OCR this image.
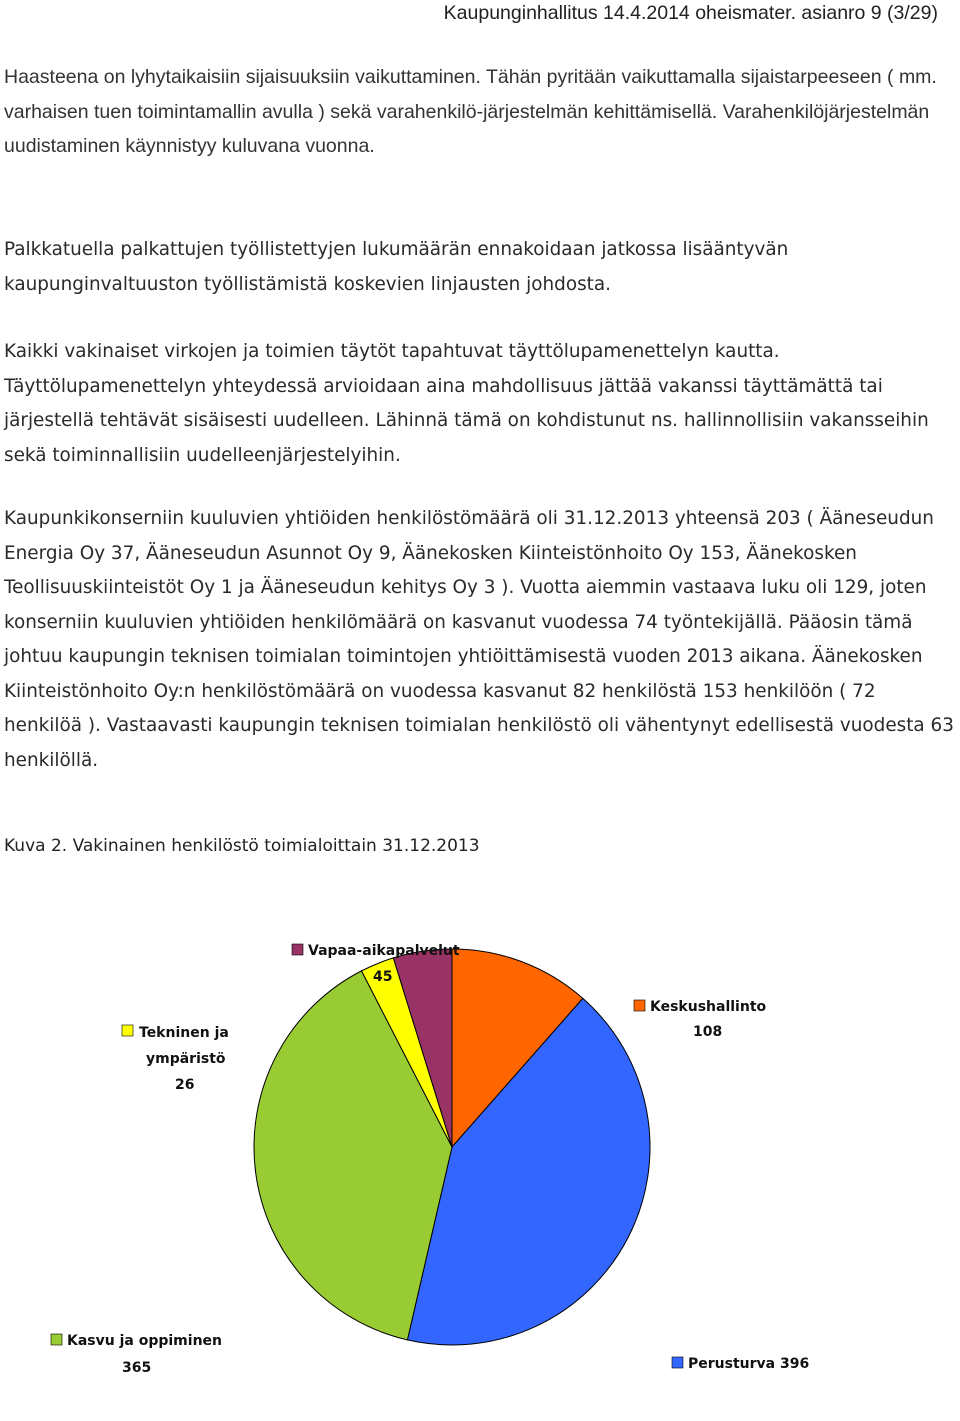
Kaupunginhallitus 14.4.2014 oheismater. asianro 9 (3/29)

Haasteena on lyhytaikaisiin sijaisuuksiin vaikuttaminen. Tähän pyritään vaikuttamalla sijaistarpeeseen ( mm. varhaisen tuen toimintamallin avulla ) sekä varahenkilö-järjestelmän kehittämisellä. Varahenkilöjärjestelmän uudistaminen käynnistyy kuluvana vuonna.

Palkkatuella palkattujen työllistettyjen lukumäärän ennakoidaan jatkossa lisääntyvän kaupunginvaltuuston työllistämistä koskevien linjausten johdosta.

Kaikki vakinaiset virkojen ja toimien täytöt tapahtuvat täyttölupamenettelyn kautta. Täyttölupamenettelyn yhteydessä arvioidaan aina mahdollisuus jättää vakanssi täyttämättä tai järjestellä tehtävät sisäisesti uudelleen. Lähinnä tämä on kohdistunut ns. hallinnollisiin vakansseihin sekä toiminnallisiin uudelleenjärjestelyihin.

Kaupunkikonserniin kuuluvien yhtiöiden henkilöstömäärä oli 31.12.2013 yhteensä 203 ( Ääneseudun Energia Oy 37, Ääneseudun Asunnot Oy 9, Äänekosken Kiinteistönhoito Oy 153, Äänekosken Teollisuuskiinteistöt Oy 1 ja Ääneseudun kehitys Oy 3 ). Vuotta aiemmin vastaava luku oli 129, joten konserniin kuuluvien yhtiöiden henkilömäärä on kasvanut vuodessa 74 työntekijällä. Pääosin tämä johtuu kaupungin teknisen toimialan toimintojen yhtiöittämisestä vuoden 2013 aikana. Äänekosken Kiinteistönhoito Oy:n henkilöstömäärä on vuodessa kasvanut 82 henkilöstä 153 henkilöön ( 72 henkilöä ). Vastaavasti kaupungin teknisen toimialan henkilöstö oli vähentynyt edellisestä vuodesta 63 henkilöllä.

Kuva 2. Vakinainen henkilöstö toimialoittain 31.12.2013
Vapaa-aikapalvelut
45
Keskushallinto
108
Tekninen ja
ympäristö
26
Kasvu ja oppiminen
365	Perusturva 396
